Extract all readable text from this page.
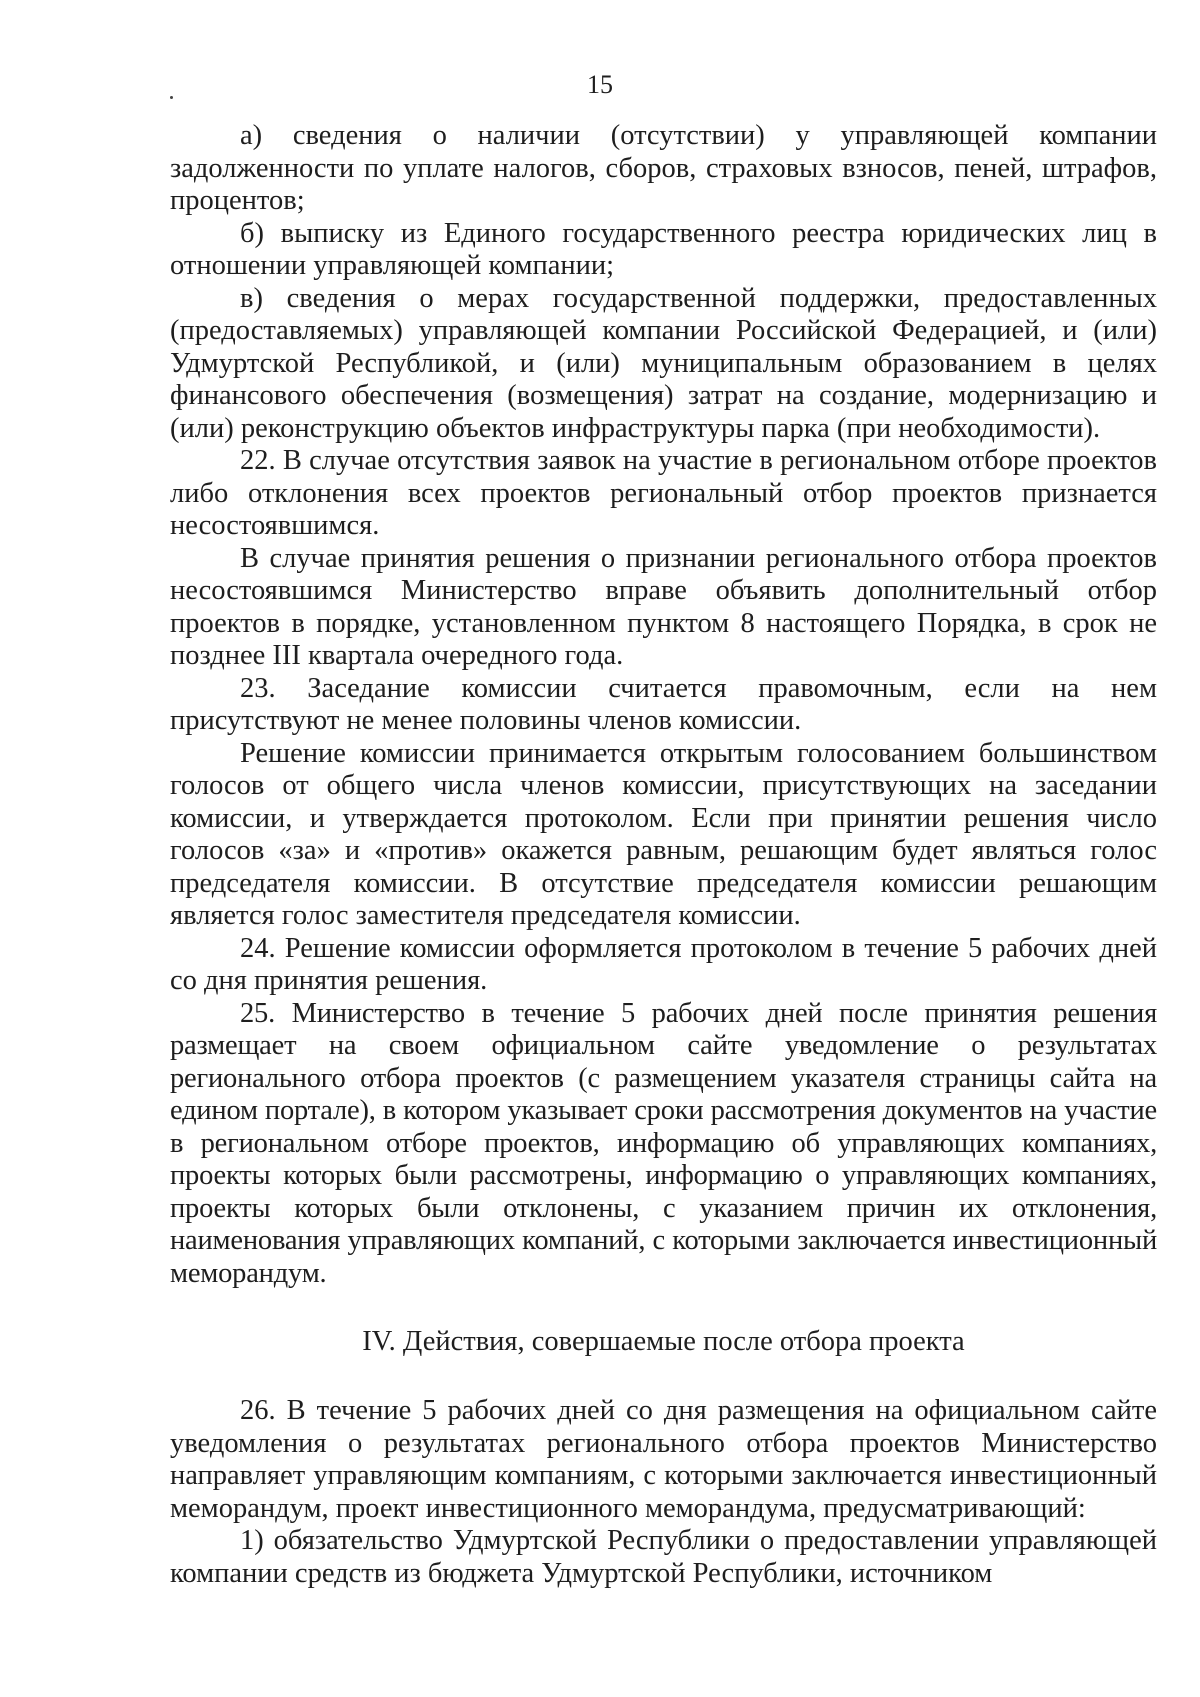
15

а) сведения о наличии (отсутствии) у управляющей компании задолженности по уплате налогов, сборов, страховых взносов, пеней, штрафов, процентов;

б) выписку из Единого государственного реестра юридических лиц в отношении управляющей компании;

в) сведения о мерах государственной поддержки, предоставленных (предоставляемых) управляющей компании Российской Федерацией, и (или) Удмуртской Республикой, и (или) муниципальным образованием в целях финансового обеспечения (возмещения) затрат на создание, модернизацию и (или) реконструкцию объектов инфраструктуры парка (при необходимости).

22. В случае отсутствия заявок на участие в региональном отборе проектов либо отклонения всех проектов региональный отбор проектов признается несостоявшимся.

В случае принятия решения о признании регионального отбора проектов несостоявшимся Министерство вправе объявить дополнительный отбор проектов в порядке, установленном пунктом 8 настоящего Порядка, в срок не позднее III квартала очередного года.

23. Заседание комиссии считается правомочным, если на нем присутствуют не менее половины членов комиссии.

Решение комиссии принимается открытым голосованием большинством голосов от общего числа членов комиссии, присутствующих на заседании комиссии, и утверждается протоколом. Если при принятии решения число голосов «за» и «против» окажется равным, решающим будет являться голос председателя комиссии. В отсутствие председателя комиссии решающим является голос заместителя председателя комиссии.

24. Решение комиссии оформляется протоколом в течение 5 рабочих дней со дня принятия решения.

25. Министерство в течение 5 рабочих дней после принятия решения размещает на своем официальном сайте уведомление о результатах регионального отбора проектов (с размещением указателя страницы сайта на едином портале), в котором указывает сроки рассмотрения документов на участие в региональном отборе проектов, информацию об управляющих компаниях, проекты которых были рассмотрены, информацию о управляющих компаниях, проекты которых были отклонены, с указанием причин их отклонения, наименования управляющих компаний, с которыми заключается инвестиционный меморандум.

IV. Действия, совершаемые после отбора проекта

26. В течение 5 рабочих дней со дня размещения на официальном сайте уведомления о результатах регионального отбора проектов Министерство направляет управляющим компаниям, с которыми заключается инвестиционный меморандум, проект инвестиционного меморандума, предусматривающий:

1) обязательство Удмуртской Республики о предоставлении управляющей компании средств из бюджета Удмуртской Республики, источником
